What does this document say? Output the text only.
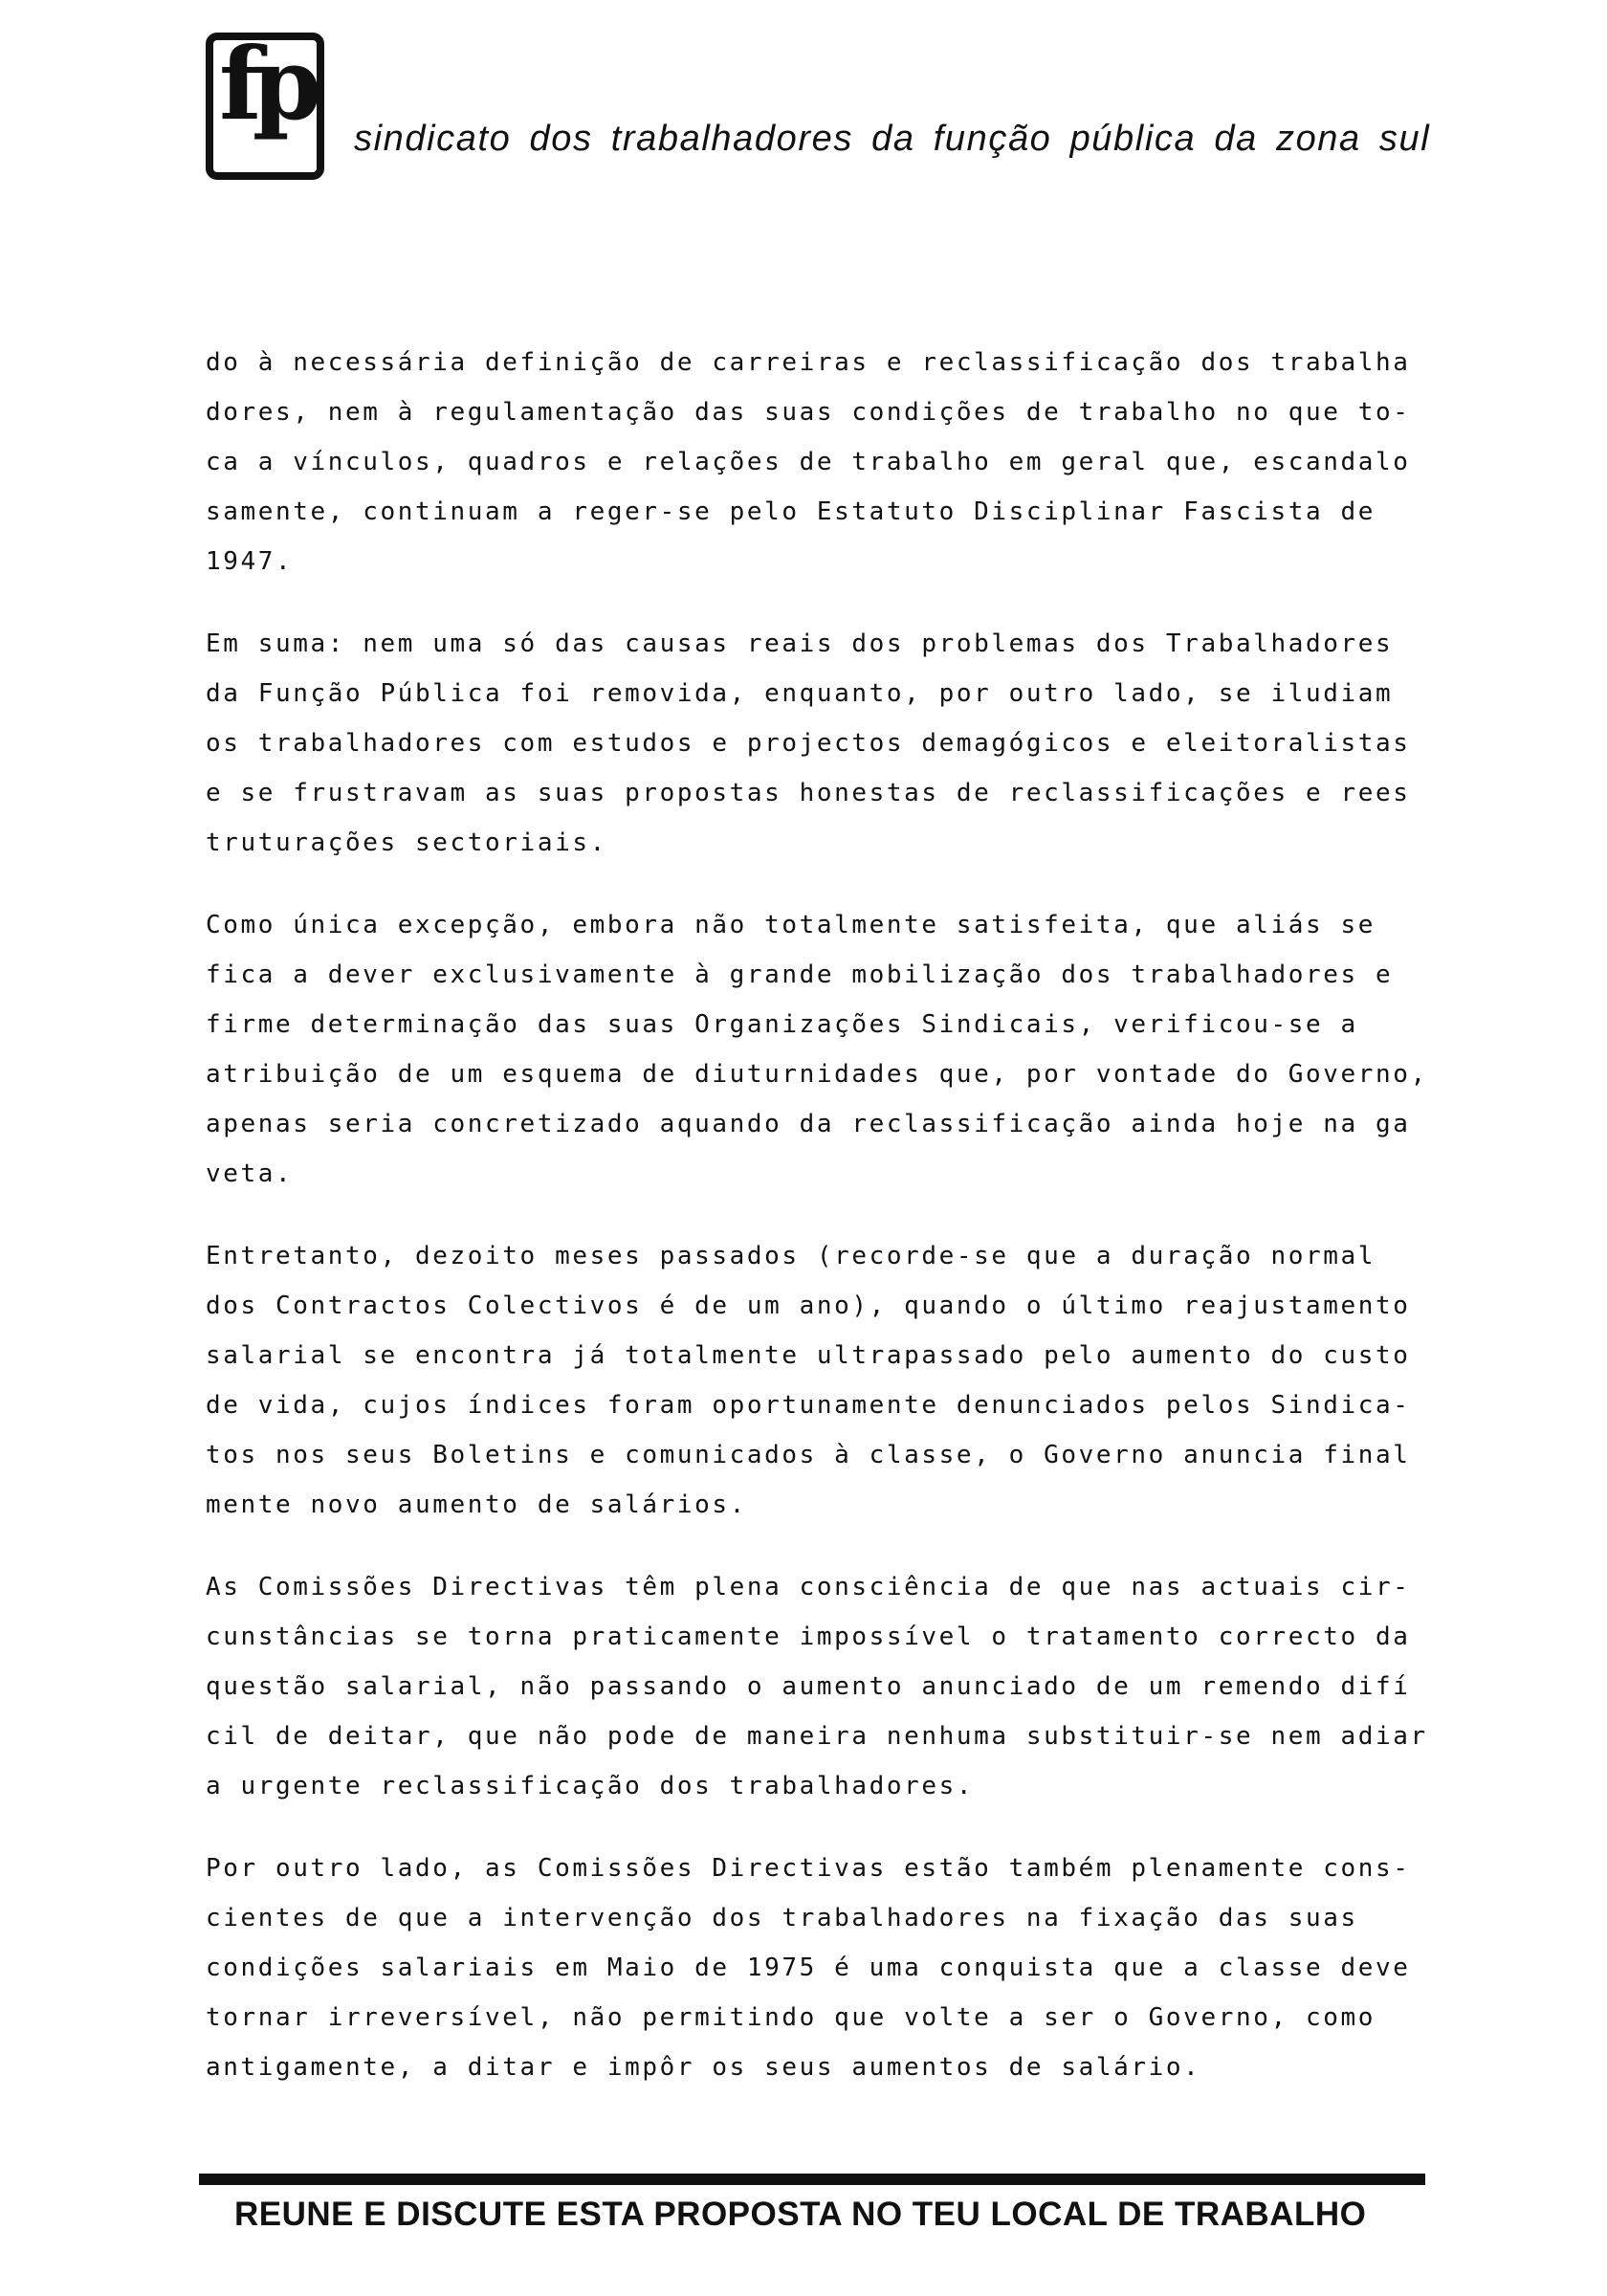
fp sindicato dos trabalhadores da função pública da zona sul
do à necessária definição de carreiras e reclassificação dos trabalha
dores, nem à regulamentação das suas condições de trabalho no que to-
ca a vínculos, quadros e relações de trabalho em geral que, escandalo
samente, continuam a reger-se pelo Estatuto Disciplinar Fascista de
1947.
Em suma: nem uma só das causas reais dos problemas dos Trabalhadores
da Função Pública foi removida, enquanto, por outro lado, se iludiam
os trabalhadores com estudos e projectos demagógicos e eleitoralistas
e se frustravam as suas propostas honestas de reclassificações e rees
truturações sectoriais.
Como única excepção, embora não totalmente satisfeita, que aliás se
fica a dever exclusivamente à grande mobilização dos trabalhadores e
firme determinação das suas Organizações Sindicais, verificou-se a
atribuição de um esquema de diuturnidades que, por vontade do Governo,
apenas seria concretizado aquando da reclassificação ainda hoje na ga
veta.
Entretanto, dezoito meses passados (recorde-se que a duração normal
dos Contractos Colectivos é de um ano), quando o último reajustamento
salarial se encontra já totalmente ultrapassado pelo aumento do custo
de vida, cujos índices foram oportunamente denunciados pelos Sindica-
tos nos seus Boletins e comunicados à classe, o Governo anuncia final
mente novo aumento de salários.
As Comissões Directivas têm plena consciência de que nas actuais cir-
cunstâncias se torna praticamente impossível o tratamento correcto da
questão salarial, não passando o aumento anunciado de um remendo difí
cil de deitar, que não pode de maneira nenhuma substituir-se nem adiar
a urgente reclassificação dos trabalhadores.
Por outro lado, as Comissões Directivas estão também plenamente cons-
cientes de que a intervenção dos trabalhadores na fixação das suas
condições salariais em Maio de 1975 é uma conquista que a classe deve
tornar irreversível, não permitindo que volte a ser o Governo, como
antigamente, a ditar e impôr os seus aumentos de salário.
REUNE E DISCUTE ESTA PROPOSTA NO TEU LOCAL DE TRABALHO
